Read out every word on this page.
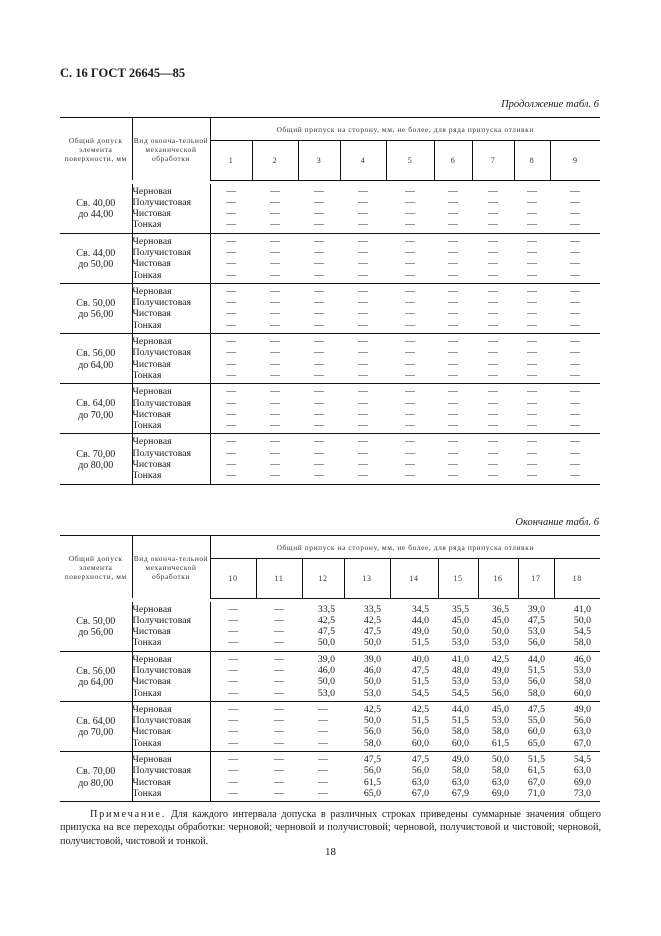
С. 16 ГОСТ 26645—85
Продолжение табл. 6
Общий допуск элемента поверхности, мм	Вид оконча-тельной механической обработки	Общий припуск на сторону, мм, не более, для ряда припуска отливки								
		1	2	3	4	5	6	7	8	9

Св. 40,00
до 44,00	Черновая	—	—	—	—	—	—	—	—	—
	Получистовая	—	—	—	—	—	—	—	—	—
	Чистовая	—	—	—	—	—	—	—	—	—
	Тонкая	—	—	—	—	—	—	—	—	—

Св. 44,00
до 50,00	Черновая	—	—	—	—	—	—	—	—	—
	Получистовая	—	—	—	—	—	—	—	—	—
	Чистовая	—	—	—	—	—	—	—	—	—
	Тонкая	—	—	—	—	—	—	—	—	—

Св. 50,00
до 56,00	Черновая	—	—	—	—	—	—	—	—	—
	Получистовая	—	—	—	—	—	—	—	—	—
	Чистовая	—	—	—	—	—	—	—	—	—
	Тонкая	—	—	—	—	—	—	—	—	—

Св. 56,00
до 64,00	Черновая	—	—	—	—	—	—	—	—	—
	Получистовая	—	—	—	—	—	—	—	—	—
	Чистовая	—	—	—	—	—	—	—	—	—
	Тонкая	—	—	—	—	—	—	—	—	—

Св. 64,00
до 70,00	Черновая	—	—	—	—	—	—	—	—	—
	Получистовая	—	—	—	—	—	—	—	—	—
	Чистовая	—	—	—	—	—	—	—	—	—
	Тонкая	—	—	—	—	—	—	—	—	—

Св. 70,00
до 80,00	Черновая	—	—	—	—	—	—	—	—	—
	Получистовая	—	—	—	—	—	—	—	—	—
	Чистовая	—	—	—	—	—	—	—	—	—
	Тонкая	—	—	—	—	—	—	—	—	—
Окончание табл. 6
Общий допуск элемента поверхности, мм	Вид оконча-тельной механической обработки	Общий припуск на сторону, мм, не более, для ряда припуска отливки								
		10	11	12	13	14	15	16	17	18

Св. 50,00
до 56,00	Черновая	—	—	33,5	33,5	34,5	35,5	36,5	39,0	41,0
	Получистовая	—	—	42,5	42,5	44,0	45,0	45,0	47,5	50,0
	Чистовая	—	—	47,5	47,5	49,0	50,0	50,0	53,0	54,5
	Тонкая	—	—	50,0	50,0	51,5	53,0	53,0	56,0	58,0

Св. 56,00
до 64,00	Черновая	—	—	39,0	39,0	40,0	41,0	42,5	44,0	46,0
	Получистовая	—	—	46,0	46,0	47,5	48,0	49,0	51,5	53,0
	Чистовая	—	—	50,0	50,0	51,5	53,0	53,0	56,0	58,0
	Тонкая	—	—	53,0	53,0	54,5	54,5	56,0	58,0	60,0

Св. 64,00
до 70,00	Черновая	—	—	—	42,5	42,5	44,0	45,0	47,5	49,0
	Получистовая	—	—	—	50,0	51,5	51,5	53,0	55,0	56,0
	Чистовая	—	—	—	56,0	56,0	58,0	58,0	60,0	63,0
	Тонкая	—	—	—	58,0	60,0	60,0	61,5	65,0	67,0

Св. 70,00
до 80,00	Черновая	—	—	—	47,5	47,5	49,0	50,0	51,5	54,5
	Получистовая	—	—	—	56,0	56,0	58,0	58,0	61,5	63,0
	Чистовая	—	—	—	61,5	63,0	63,0	63,0	67,0	69,0
	Тонкая	—	—	—	65,0	67,0	67,9	69,0	71,0	73,0

Примечание. Для каждого интервала допуска в различных строках приведены суммарные значения общего припуска на все переходы обработки: черновой; черновой и получистовой; черновой, получистовой и чистовой; черновой, получистовой, чистовой и тонкой.

18
